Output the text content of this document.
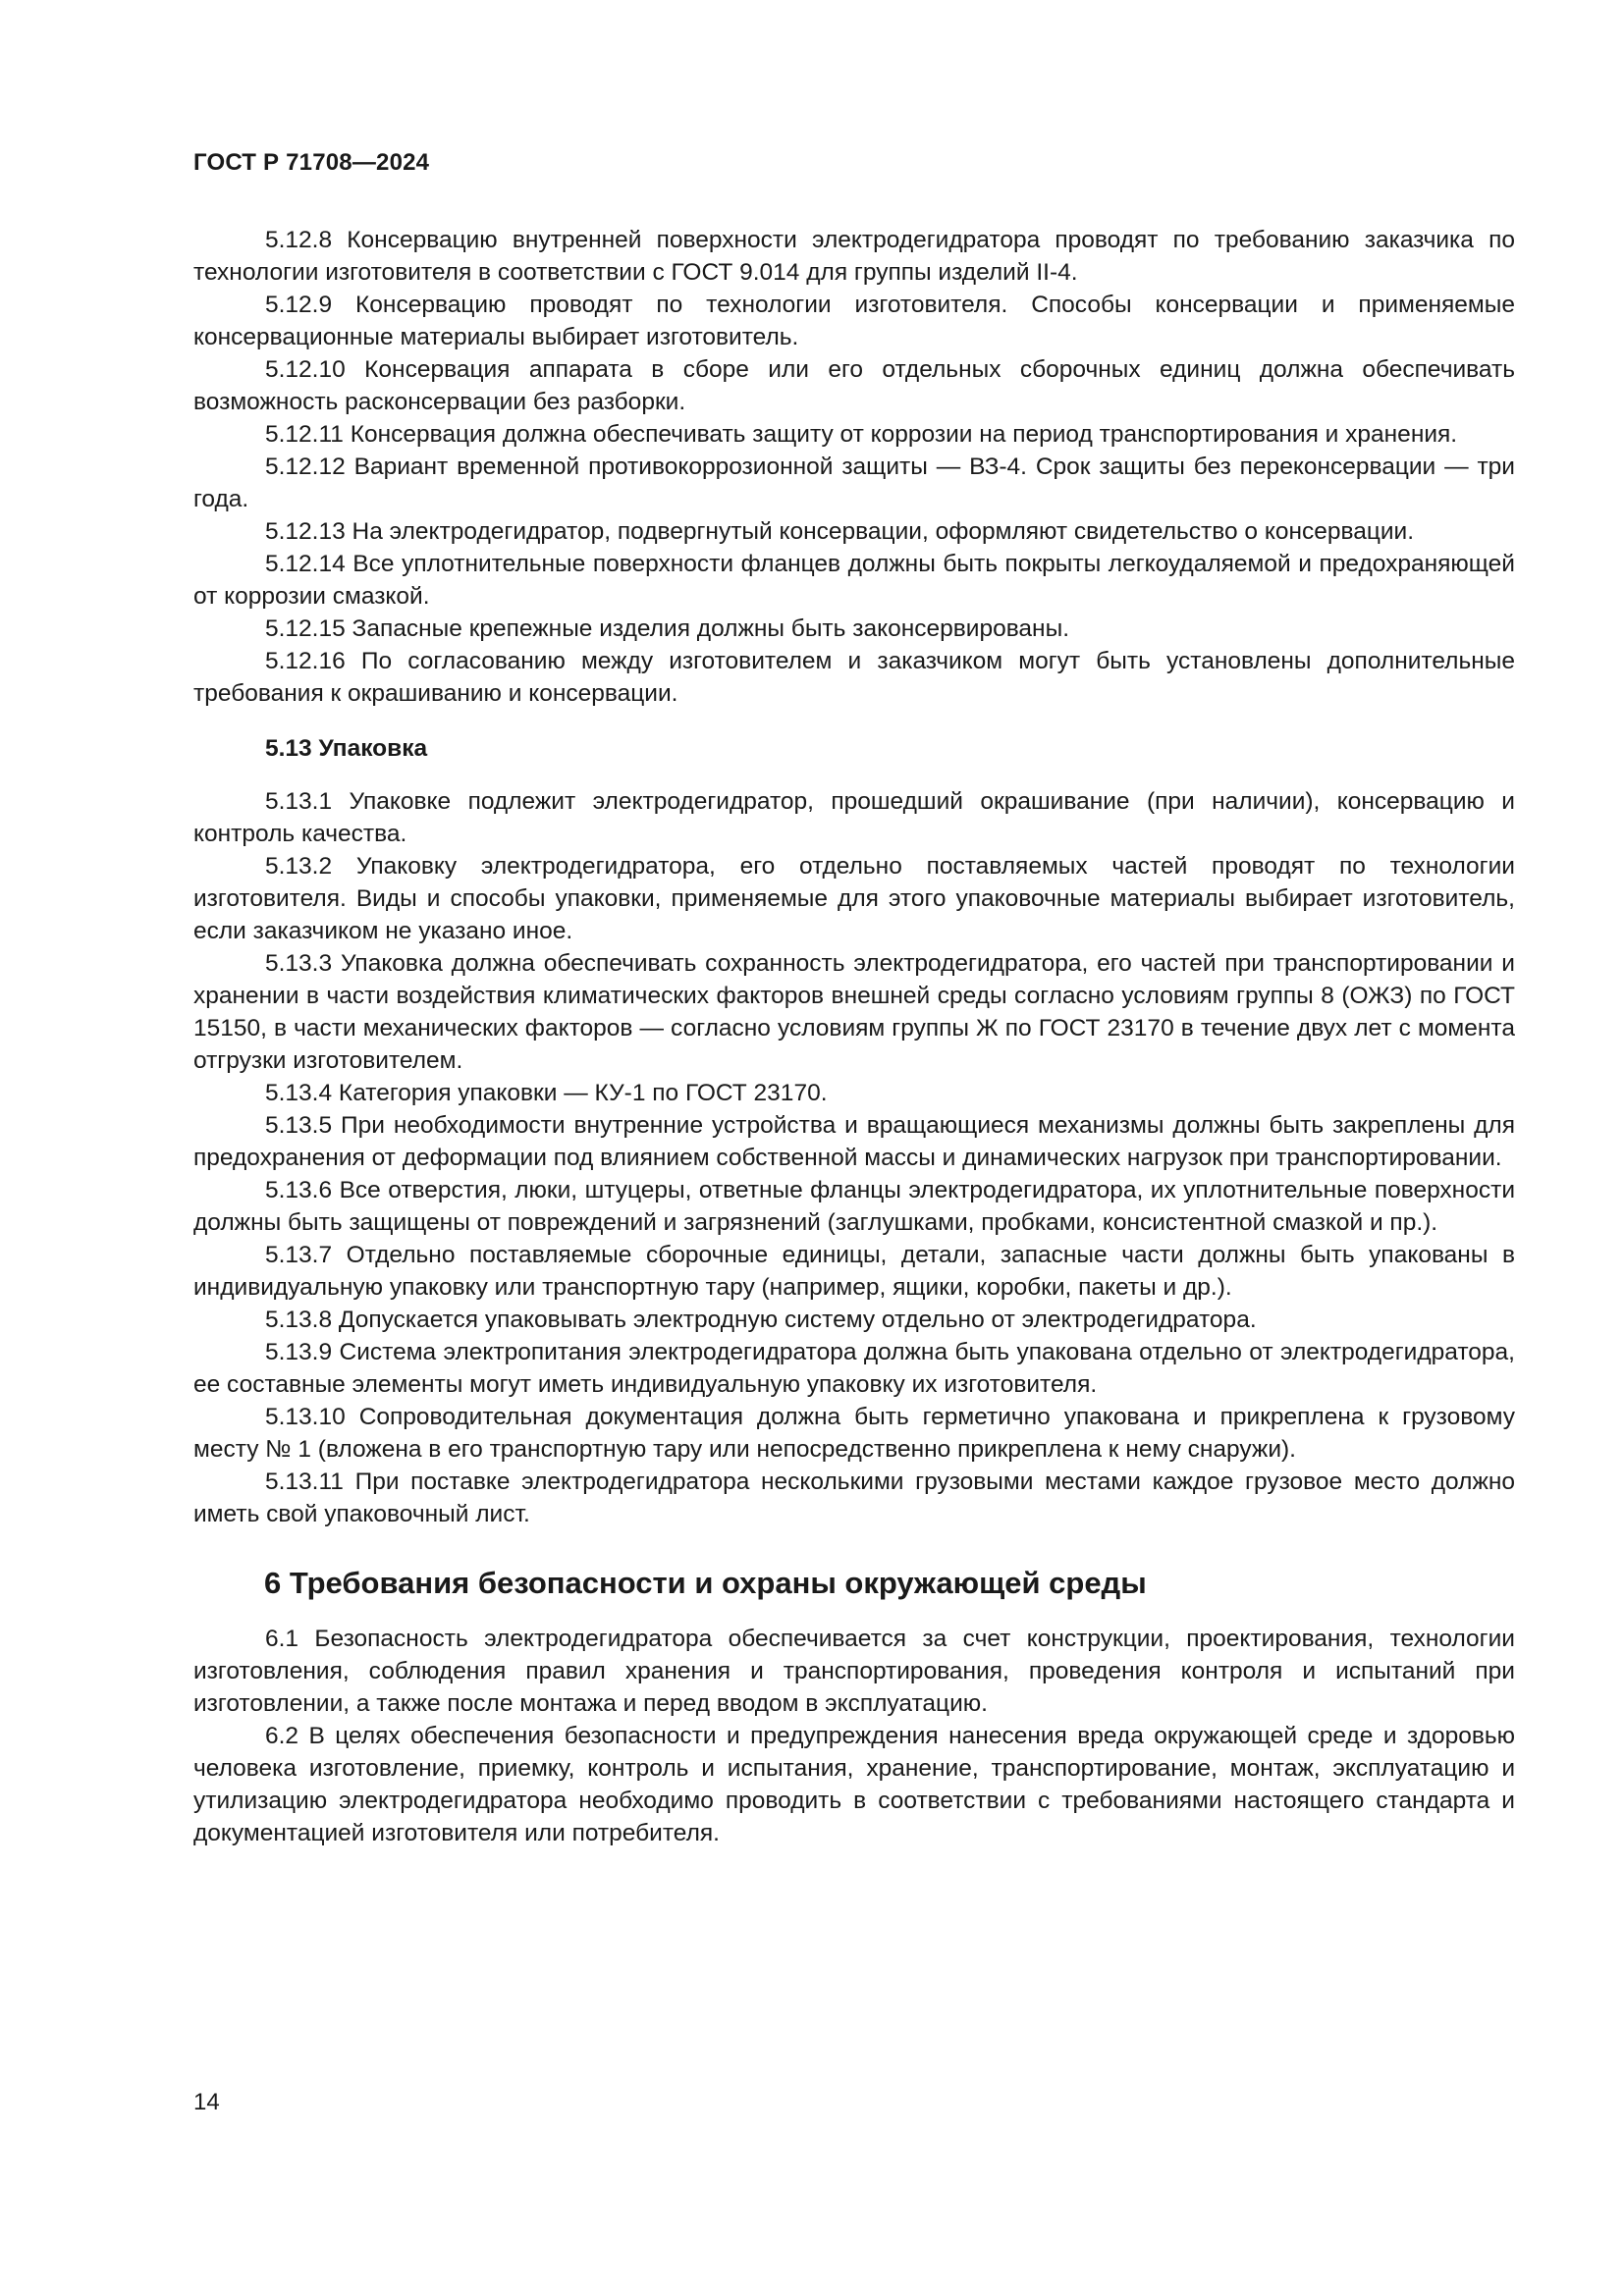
ГОСТ Р 71708—2024

5.12.8 Консервацию внутренней поверхности электродегидратора проводят по требованию заказчика по технологии изготовителя в соответствии с ГОСТ 9.014 для группы изделий II-4.

5.12.9 Консервацию проводят по технологии изготовителя. Способы консервации и применяемые консервационные материалы выбирает изготовитель.

5.12.10 Консервация аппарата в сборе или его отдельных сборочных единиц должна обеспечивать возможность расконсервации без разборки.

5.12.11 Консервация должна обеспечивать защиту от коррозии на период транспортирования и хранения.

5.12.12 Вариант временной противокоррозионной защиты — ВЗ-4. Срок защиты без переконсервации — три года.

5.12.13 На электродегидратор, подвергнутый консервации, оформляют свидетельство о консервации.

5.12.14 Все уплотнительные поверхности фланцев должны быть покрыты легкоудаляемой и предохраняющей от коррозии смазкой.

5.12.15 Запасные крепежные изделия должны быть законсервированы.

5.12.16 По согласованию между изготовителем и заказчиком могут быть установлены дополнительные требования к окрашиванию и консервации.

5.13 Упаковка

5.13.1 Упаковке подлежит электродегидратор, прошедший окрашивание (при наличии), консервацию и контроль качества.

5.13.2 Упаковку электродегидратора, его отдельно поставляемых частей проводят по технологии изготовителя. Виды и способы упаковки, применяемые для этого упаковочные материалы выбирает изготовитель, если заказчиком не указано иное.

5.13.3 Упаковка должна обеспечивать сохранность электродегидратора, его частей при транспортировании и хранении в части воздействия климатических факторов внешней среды согласно условиям группы 8 (ОЖЗ) по ГОСТ 15150, в части механических факторов — согласно условиям группы Ж по ГОСТ 23170 в течение двух лет с момента отгрузки изготовителем.

5.13.4 Категория упаковки — КУ-1 по ГОСТ 23170.

5.13.5 При необходимости внутренние устройства и вращающиеся механизмы должны быть закреплены для предохранения от деформации под влиянием собственной массы и динамических нагрузок при транспортировании.

5.13.6 Все отверстия, люки, штуцеры, ответные фланцы электродегидратора, их уплотнительные поверхности должны быть защищены от повреждений и загрязнений (заглушками, пробками, консистентной смазкой и пр.).

5.13.7 Отдельно поставляемые сборочные единицы, детали, запасные части должны быть упакованы в индивидуальную упаковку или транспортную тару (например, ящики, коробки, пакеты и др.).

5.13.8 Допускается упаковывать электродную систему отдельно от электродегидратора.

5.13.9 Система электропитания электродегидратора должна быть упакована отдельно от электродегидратора, ее составные элементы могут иметь индивидуальную упаковку их изготовителя.

5.13.10 Сопроводительная документация должна быть герметично упакована и прикреплена к грузовому месту № 1 (вложена в его транспортную тару или непосредственно прикреплена к нему снаружи).

5.13.11 При поставке электродегидратора несколькими грузовыми местами каждое грузовое место должно иметь свой упаковочный лист.

6 Требования безопасности и охраны окружающей среды

6.1 Безопасность электродегидратора обеспечивается за счет конструкции, проектирования, технологии изготовления, соблюдения правил хранения и транспортирования, проведения контроля и испытаний при изготовлении, а также после монтажа и перед вводом в эксплуатацию.

6.2 В целях обеспечения безопасности и предупреждения нанесения вреда окружающей среде и здоровью человека изготовление, приемку, контроль и испытания, хранение, транспортирование, монтаж, эксплуатацию и утилизацию электродегидратора необходимо проводить в соответствии с требованиями настоящего стандарта и документацией изготовителя или потребителя.

14
